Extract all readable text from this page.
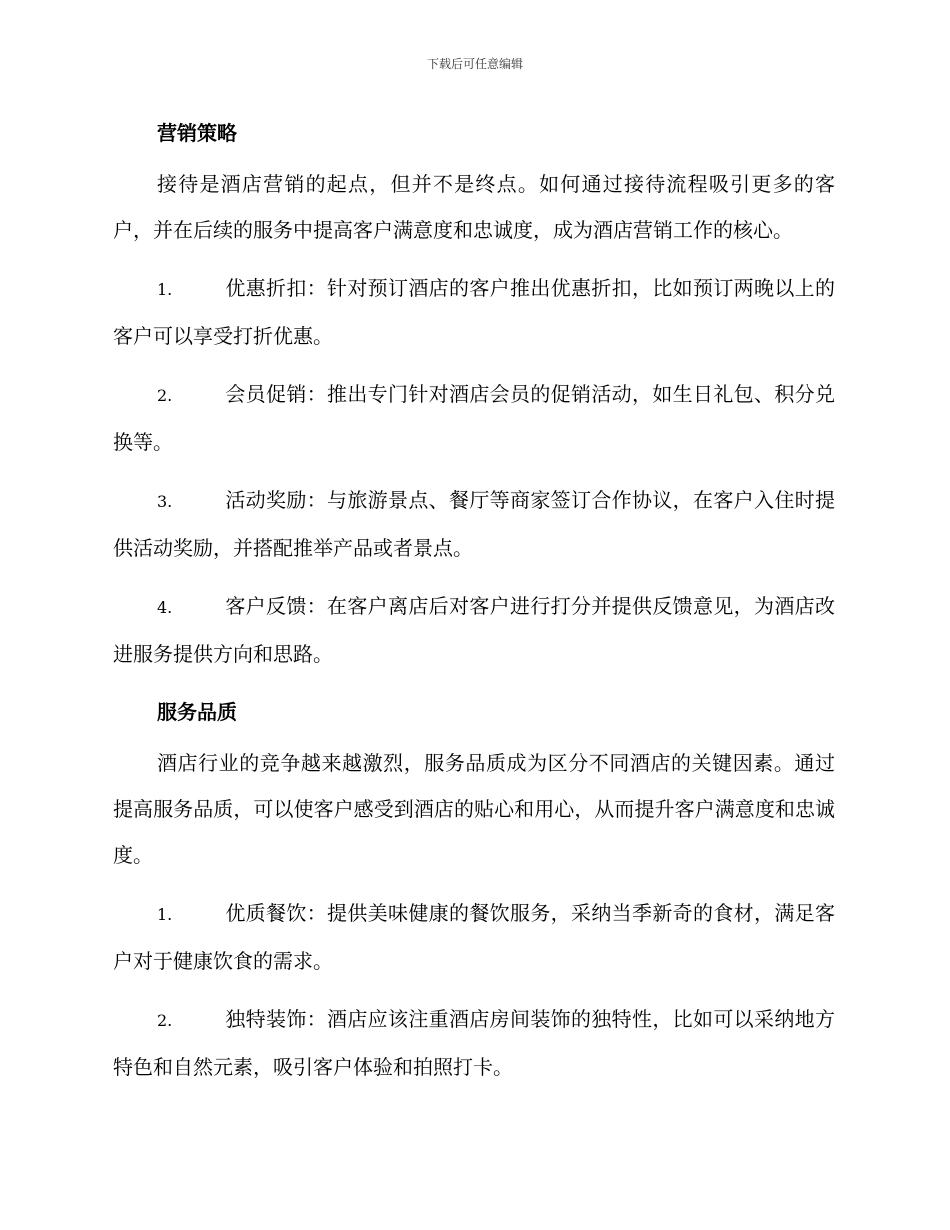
下载后可任意编辑
营销策略

接待是酒店营销的起点，但并不是终点。如何通过接待流程吸引更多的客户，并在后续的服务中提高客户满意度和忠诚度，成为酒店营销工作的核心。

1.	优惠折扣：针对预订酒店的客户推出优惠折扣，比如预订两晚以上的客户可以享受打折优惠。

2.	会员促销：推出专门针对酒店会员的促销活动，如生日礼包、积分兑换等。

3.	活动奖励：与旅游景点、餐厅等商家签订合作协议，在客户入住时提供活动奖励，并搭配推举产品或者景点。

4.	客户反馈：在客户离店后对客户进行打分并提供反馈意见，为酒店改进服务提供方向和思路。

服务品质

酒店行业的竞争越来越激烈，服务品质成为区分不同酒店的关键因素。通过提高服务品质，可以使客户感受到酒店的贴心和用心，从而提升客户满意度和忠诚度。

1.	优质餐饮：提供美味健康的餐饮服务，采纳当季新奇的食材，满足客户对于健康饮食的需求。

2.	独特装饰：酒店应该注重酒店房间装饰的独特性，比如可以采纳地方特色和自然元素，吸引客户体验和拍照打卡。
